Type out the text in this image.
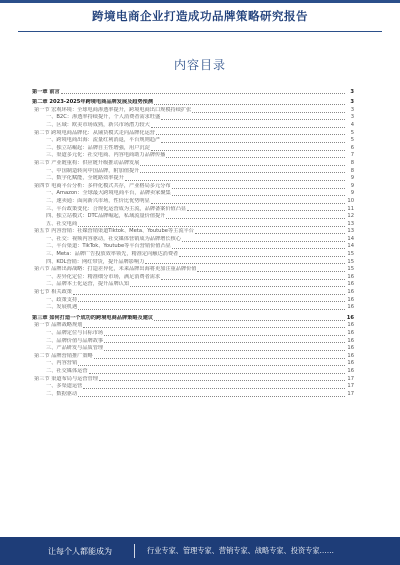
跨境电商企业打造成功品牌策略研究报告
内容目录
第一章 前言	3
第二章 2023-2025年跨境电商品牌发展及趋势预测	3
第一节 宏观环境：全球电商渗透率提升，跨境电商出口规模持续扩张	3
一、B2C：渗透率持续提升，个人消费者需求旺盛	3
二、区域：欧美市场成熟，新兴市场潜力较大	4
第二节 跨境电商品牌化：从铺货模式走向品牌化运营	5
一、跨境电商出海：流量红利消退，平台规则趋严	5
二、独立站崛起：品牌自主性增强，用户沉淀	6
三、渠道多元化：社交电商、内容电商助力品牌传播	7
第三节 产业链重构：供应链升级推动品牌发展	8
一、中国制造转向中国品牌，附加值提升	8
二、数字化赋能，全链路效率提升	9
第四节 电商平台分析：多样化模式共存，产业格局多元分布	9
一、Amazon：全球最大跨境电商平台，品牌卖家聚集	9
二、速卖通：面向新兴市场，性价比优势明显	10
三、平台政策变化：合规化运营成为主流，品牌备案价值凸显	11
四、独立站模式：DTC品牌崛起，私域流量价值提升	12
五、社交电商	13
第五节 内容营销：社媒营销渠道Tiktok、Meta、Youtube等主流平台	13
一、社交：视频内容驱动，社交媒体营销成为品牌增长核心	14
二、平台渠道：TikTok、Youtube等平台营销价值凸显	14
三、Meta：品牌广告投放效率领先，精准定向触达消费者	15
四、KOL营销：网红带货，提升品牌影响力	15
第六节 品牌出海战略：打造差异化，未来品牌出海将更加注重品牌价值	15
一、差异化定位：精准细分市场，满足消费者需求	16
二、品牌本土化运营，提升品牌认知	16
第七节 相关政策	16
一、政策支持	16
二、发展机遇	16
第三章 如何打造一个成功的跨境电商品牌策略及建议	16
第一节 品牌战略规划	16
一、品牌定位与目标市场	16
二、品牌价值与品牌故事	16
三、产品研发与品质管理	16
第二节 品牌营销推广策略	16
一、内容营销	16
二、社交媒体运营	16
第三节 渠道布局与运营管理	17
一、多渠道运营	17
二、数据驱动	17
让每个人都能成为	行业专家、管理专家、营销专家、战略专家、投资专家……
